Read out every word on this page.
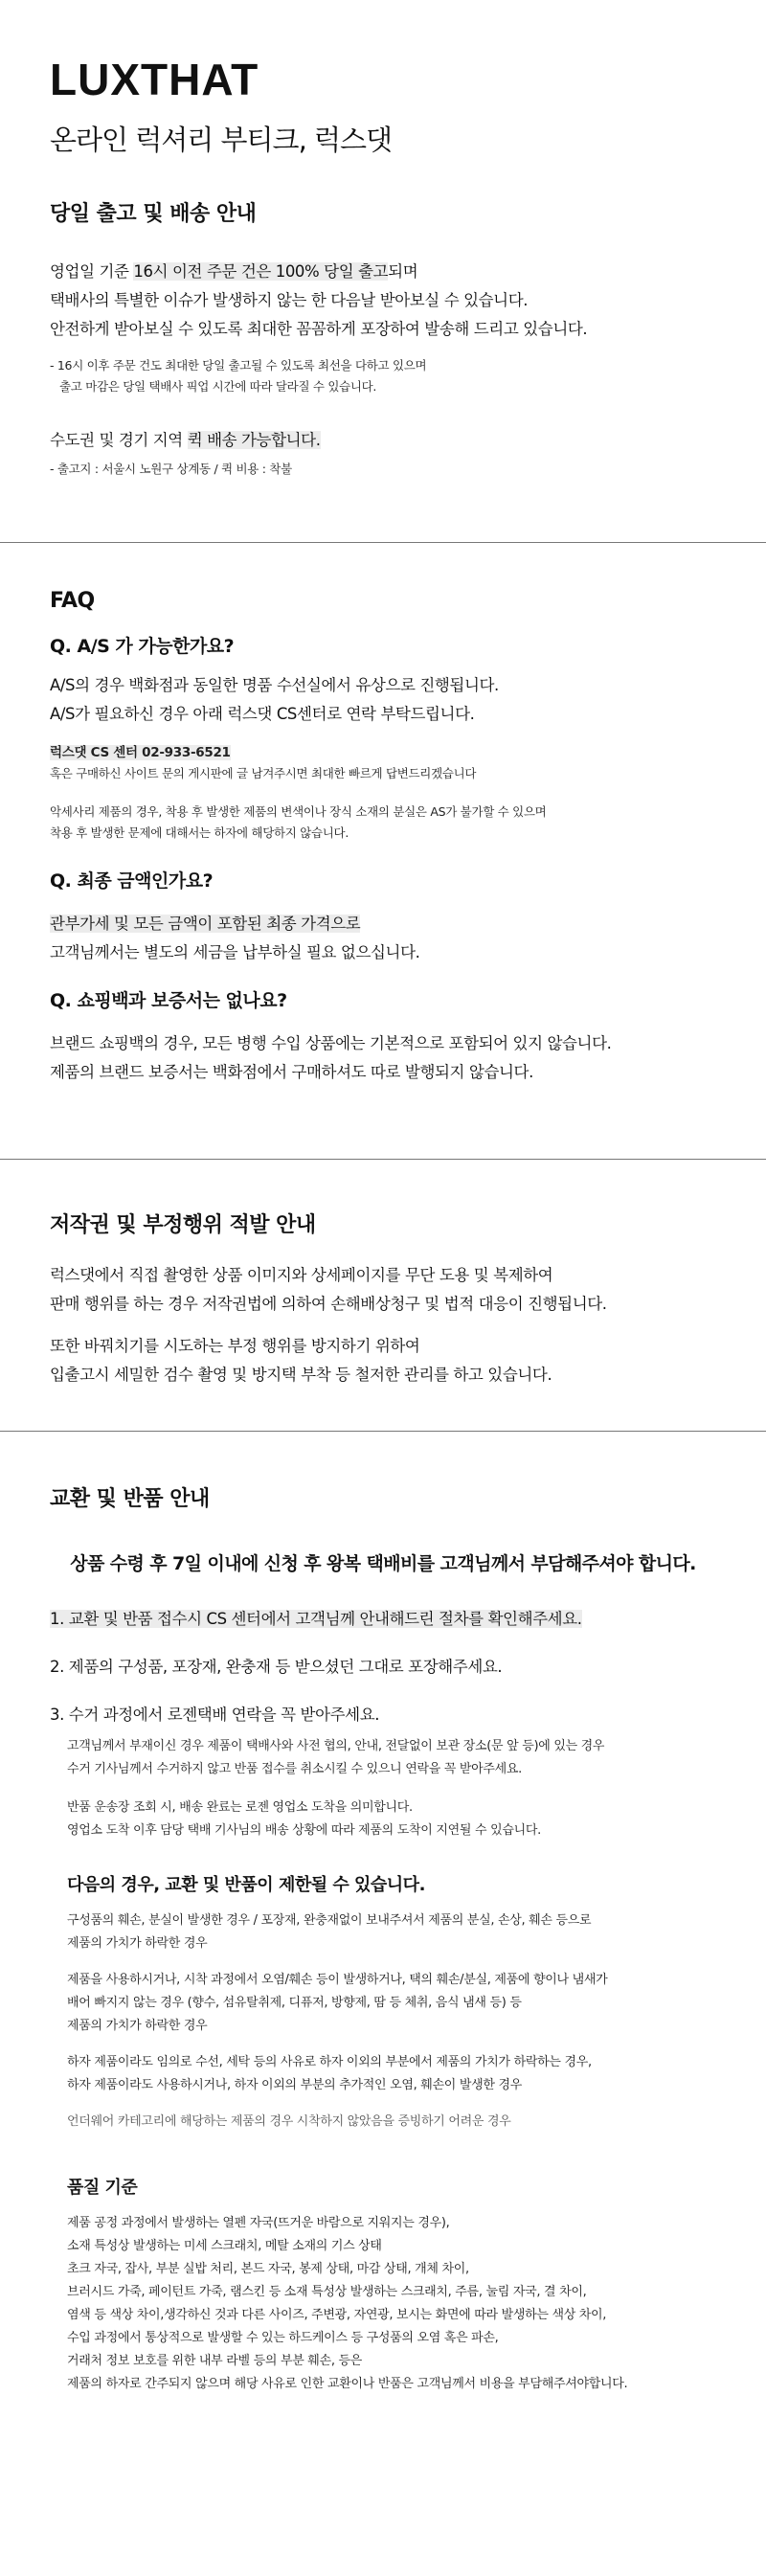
LUXTHAT

온라인 럭셔리 부티크, 럭스댓

당일 출고 및 배송 안내

영업일 기준 16시 이전 주문 건은 100% 당일 출고되며

택배사의 특별한 이슈가 발생하지 않는 한 다음날 받아보실 수 있습니다.

안전하게 받아보실 수 있도록 최대한 꼼꼼하게 포장하여 발송해 드리고 있습니다.

- 16시 이후 주문 건도 최대한 당일 출고될 수 있도록 최선을 다하고 있으며

출고 마감은 당일 택배사 픽업 시간에 따라 달라질 수 있습니다.

수도권 및 경기 지역 퀵 배송 가능합니다.

- 출고지 : 서울시 노원구 상계동 / 퀵 비용 : 착불

FAQ
Q. A/S 가 가능한가요?

A/S의 경우 백화점과 동일한 명품 수선실에서 유상으로 진행됩니다.

A/S가 필요하신 경우 아래 럭스댓 CS센터로 연락 부탁드립니다.

럭스댓 CS 센터 02-933-6521

혹은 구매하신 사이트 문의 게시판에 글 남겨주시면 최대한 빠르게 답변드리겠습니다

악세사리 제품의 경우, 착용 후 발생한 제품의 변색이나 장식 소재의 분실은 AS가 불가할 수 있으며

착용 후 발생한 문제에 대해서는 하자에 해당하지 않습니다.

Q. 최종 금액인가요?

관부가세 및 모든 금액이 포함된 최종 가격으로

고객님께서는 별도의 세금을 납부하실 필요 없으십니다.

Q. 쇼핑백과 보증서는 없나요?

브랜드 쇼핑백의 경우, 모든 병행 수입 상품에는 기본적으로 포함되어 있지 않습니다.

제품의 브랜드 보증서는 백화점에서 구매하셔도 따로 발행되지 않습니다.

저작권 및 부정행위 적발 안내

럭스댓에서 직접 촬영한 상품 이미지와 상세페이지를 무단 도용 및 복제하여

판매 행위를 하는 경우 저작권법에 의하여 손해배상청구 및 법적 대응이 진행됩니다.

또한 바꿔치기를 시도하는 부정 행위를 방지하기 위하여

입출고시 세밀한 검수 촬영 및 방지택 부착 등 철저한 관리를 하고 있습니다.

교환 및 반품 안내
상품 수령 후 7일 이내에 신청 후 왕복 택배비를 고객님께서 부담해주셔야 합니다.
1. 교환 및 반품 접수시 CS 센터에서 고객님께 안내해드린 절차를 확인해주세요.
2. 제품의 구성품, 포장재, 완충재 등 받으셨던 그대로 포장해주세요.
3. 수거 과정에서 로젠택배 연락을 꼭 받아주세요.

고객님께서 부재이신 경우 제품이 택배사와 사전 협의, 안내, 전달없이 보관 장소(문 앞 등)에 있는 경우

수거 기사님께서 수거하지 않고 반품 접수를 취소시킬 수 있으니 연락을 꼭 받아주세요.

반품 운송장 조회 시, 배송 완료는 로젠 영업소 도착을 의미합니다.

영업소 도착 이후 담당 택배 기사님의 배송 상황에 따라 제품의 도착이 지연될 수 있습니다.

다음의 경우, 교환 및 반품이 제한될 수 있습니다.

구성품의 훼손, 분실이 발생한 경우 / 포장재, 완충재없이 보내주셔서 제품의 분실, 손상, 훼손 등으로

제품의 가치가 하락한 경우

제품을 사용하시거나, 시착 과정에서 오염/훼손 등이 발생하거나, 택의 훼손/분실, 제품에 향이나 냄새가

배어 빠지지 않는 경우 (향수, 섬유탈취제, 디퓨저, 방향제, 땀 등 체취, 음식 냄새 등) 등

제품의 가치가 하락한 경우

하자 제품이라도 임의로 수선, 세탁 등의 사유로 하자 이외의 부분에서 제품의 가치가 하락하는 경우,

하자 제품이라도 사용하시거나, 하자 이외의 부분의 추가적인 오염, 훼손이 발생한 경우

언더웨어 카테고리에 해당하는 제품의 경우 시착하지 않았음을 증빙하기 어려운 경우

품질 기준

제품 공정 과정에서 발생하는 열펜 자국(뜨거운 바람으로 지워지는 경우),

소재 특성상 발생하는 미세 스크래치, 메탈 소재의 기스 상태

초크 자국, 잡사, 부분 실밥 처리, 본드 자국, 봉제 상태, 마감 상태, 개체 차이,

브러시드 가죽, 페이턴트 가죽, 램스킨 등 소재 특성상 발생하는 스크래치, 주름, 눌림 자국, 결 차이,

염색 등 색상 차이,생각하신 것과 다른 사이즈, 주변광, 자연광, 보시는 화면에 따라 발생하는 색상 차이,

수입 과정에서 통상적으로 발생할 수 있는 하드케이스 등 구성품의 오염 혹은 파손,

거래처 정보 보호를 위한 내부 라벨 등의 부분 훼손, 등은

제품의 하자로 간주되지 않으며 해당 사유로 인한 교환이나 반품은 고객님께서 비용을 부담해주셔야합니다.
